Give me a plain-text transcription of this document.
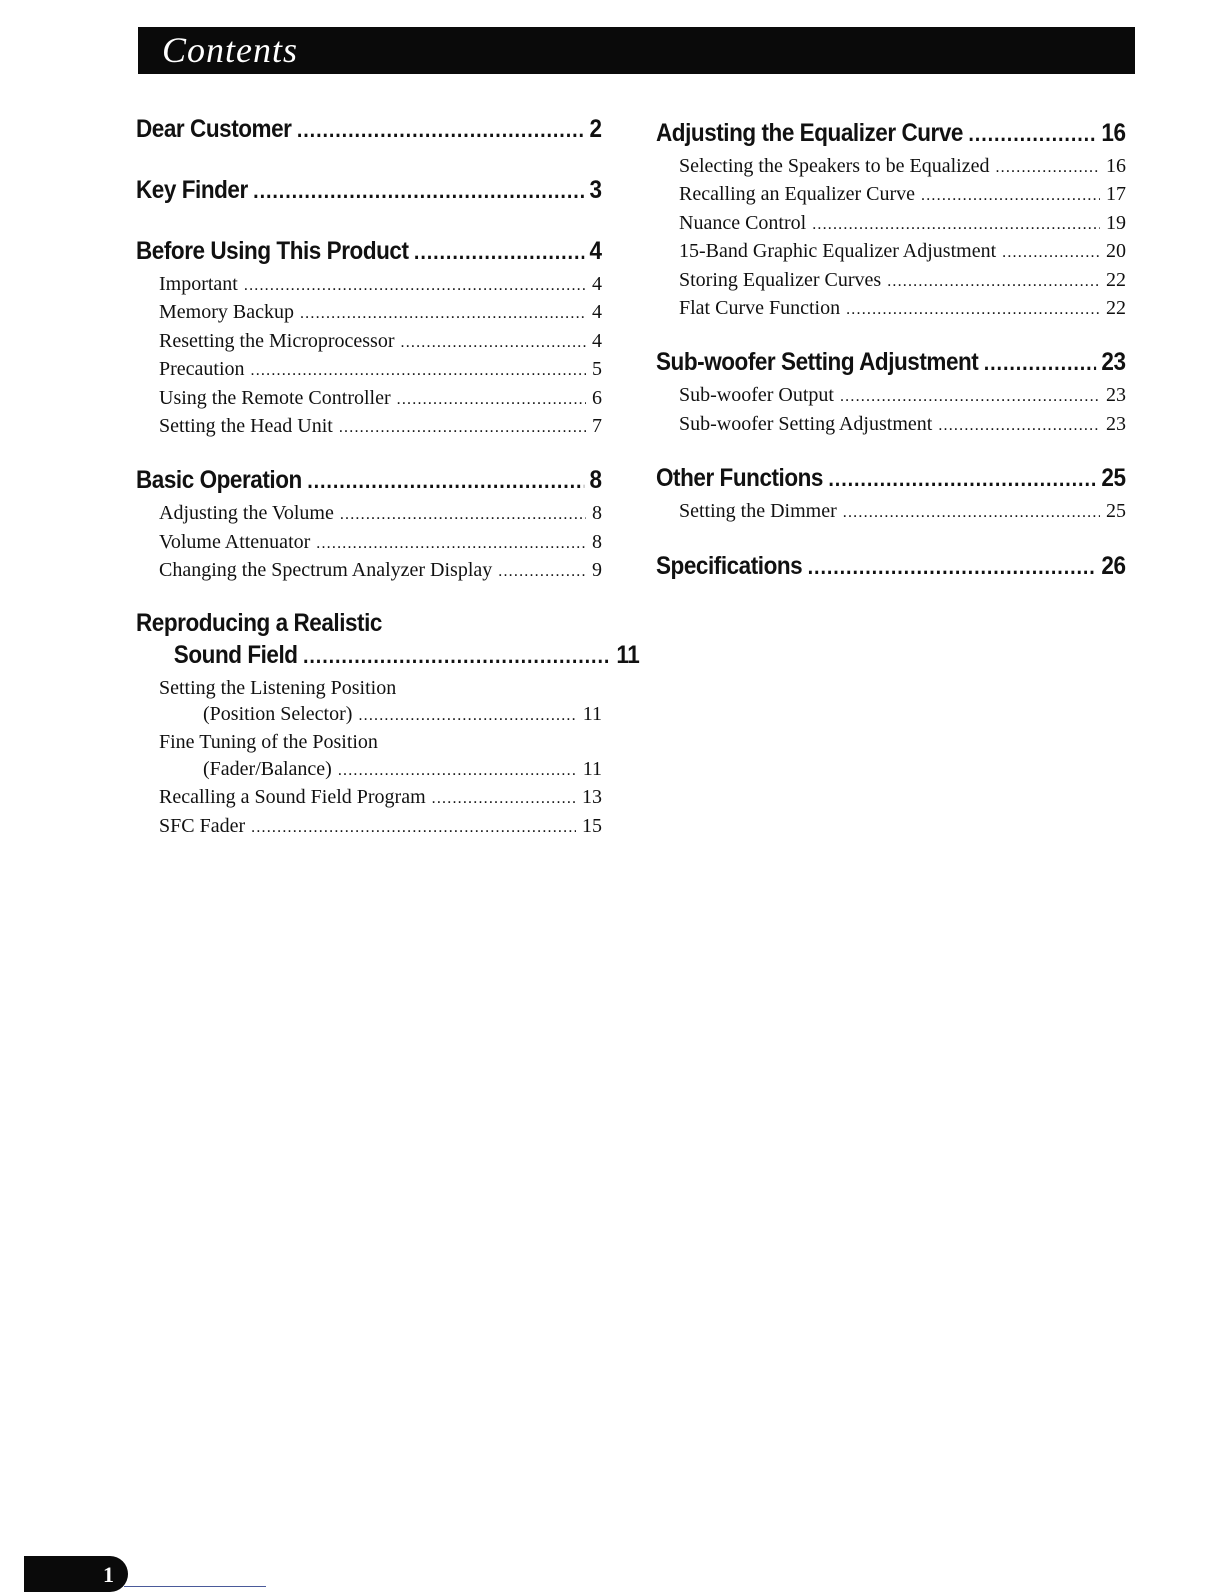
Contents
Dear Customer .....	2
Key Finder .....	3
Before Using This Product .....	4
Important .....	4
Memory Backup .....	4
Resetting the Microprocessor .....	4
Precaution .....	5
Using the Remote Controller .....	6
Setting the Head Unit .....	7
Basic Operation .....	8
Adjusting the Volume .....	8
Volume Attenuator .....	8
Changing the Spectrum Analyzer Display .....	9
Reproducing a Realistic
Sound Field .....	11
Setting the Listening Position
(Position Selector) .....	11
Fine Tuning of the Position
(Fader/Balance) .....	11
Recalling a Sound Field Program .....	13
SFC Fader .....	15
Adjusting the Equalizer Curve .....	16
Selecting the Speakers to be Equalized .....	16
Recalling an Equalizer Curve .....	17
Nuance Control .....	19
15-Band Graphic Equalizer Adjustment .....	20
Storing Equalizer Curves .....	22
Flat Curve Function .....	22
Sub-woofer Setting Adjustment .....	23
Sub-woofer Output .....	23
Sub-woofer Setting Adjustment .....	23
Other Functions .....	25
Setting the Dimmer .....	25
Specifications .....	26
1
